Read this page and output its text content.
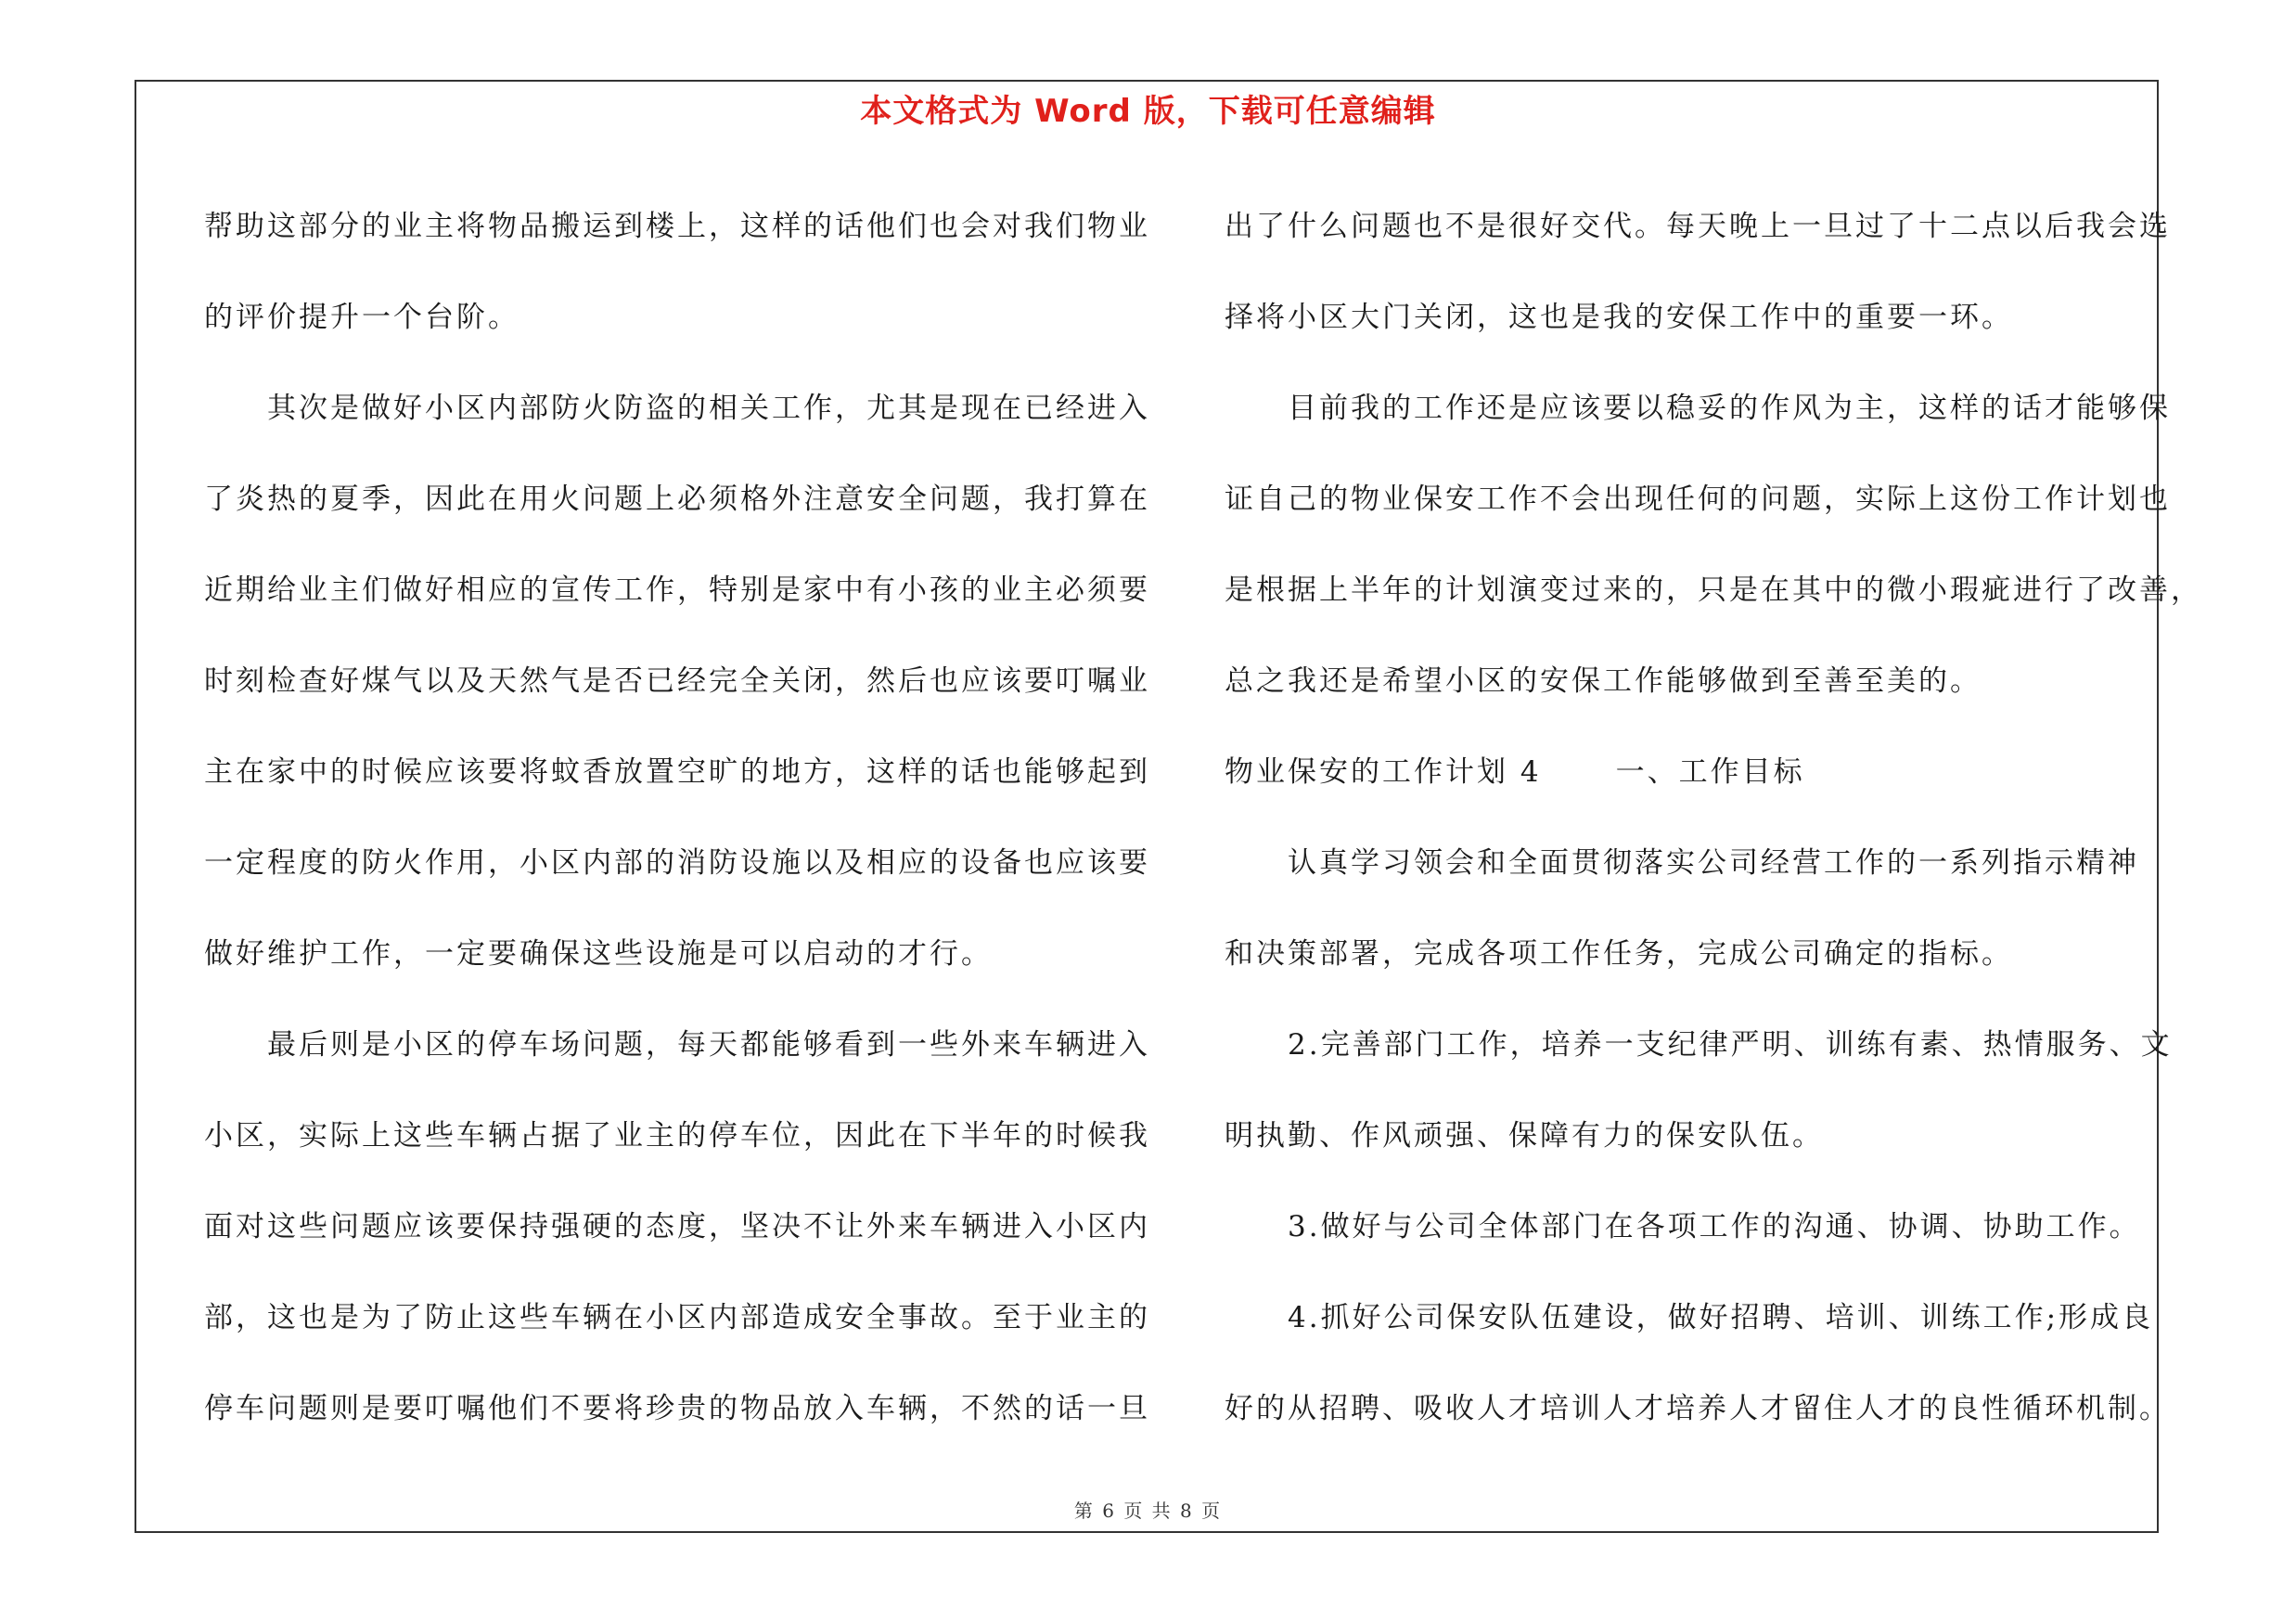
本文格式为 Word 版，下载可任意编辑
帮助这部分的业主将物品搬运到楼上，这样的话他们也会对我们物业
的评价提升一个台阶。
其次是做好小区内部防火防盗的相关工作，尤其是现在已经进入
了炎热的夏季，因此在用火问题上必须格外注意安全问题，我打算在
近期给业主们做好相应的宣传工作，特别是家中有小孩的业主必须要
时刻检查好煤气以及天然气是否已经完全关闭，然后也应该要叮嘱业
主在家中的时候应该要将蚊香放置空旷的地方，这样的话也能够起到
一定程度的防火作用，小区内部的消防设施以及相应的设备也应该要
做好维护工作，一定要确保这些设施是可以启动的才行。
最后则是小区的停车场问题，每天都能够看到一些外来车辆进入
小区，实际上这些车辆占据了业主的停车位，因此在下半年的时候我
面对这些问题应该要保持强硬的态度，坚决不让外来车辆进入小区内
部，这也是为了防止这些车辆在小区内部造成安全事故。至于业主的
停车问题则是要叮嘱他们不要将珍贵的物品放入车辆，不然的话一旦
出了什么问题也不是很好交代。每天晚上一旦过了十二点以后我会选
择将小区大门关闭，这也是我的安保工作中的重要一环。
目前我的工作还是应该要以稳妥的作风为主，这样的话才能够保
证自己的物业保安工作不会出现任何的问题，实际上这份工作计划也
是根据上半年的计划演变过来的，只是在其中的微小瑕疵进行了改善，
总之我还是希望小区的安保工作能够做到至善至美的。
物业保安的工作计划 4	一、工作目标
认真学习领会和全面贯彻落实公司经营工作的一系列指示精神
和决策部署，完成各项工作任务，完成公司确定的指标。
2.完善部门工作，培养一支纪律严明、训练有素、热情服务、文
明执勤、作风顽强、保障有力的保安队伍。
3.做好与公司全体部门在各项工作的沟通、协调、协助工作。
4.抓好公司保安队伍建设，做好招聘、培训、训练工作;形成良
好的从招聘、吸收人才培训人才培养人才留住人才的良性循环机制。
第 6 页 共 8 页
